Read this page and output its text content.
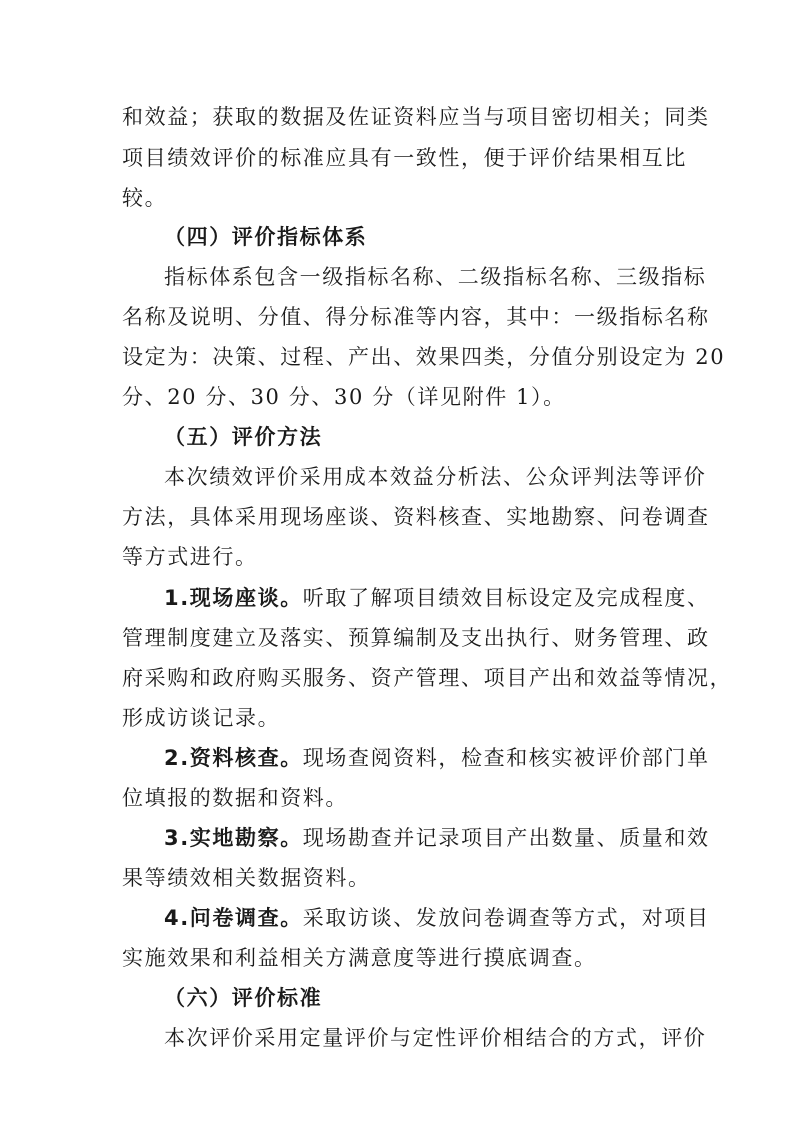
和效益；获取的数据及佐证资料应当与项目密切相关；同类
项目绩效评价的标准应具有一致性，便于评价结果相互比
较。
（四）评价指标体系
指标体系包含一级指标名称、二级指标名称、三级指标
名称及说明、分值、得分标准等内容，其中：一级指标名称
设定为：决策、过程、产出、效果四类，分值分别设定为 20
分、20 分、30 分、30 分（详见附件 1）。
（五）评价方法
本次绩效评价采用成本效益分析法、公众评判法等评价
方法，具体采用现场座谈、资料核查、实地勘察、问卷调查
等方式进行。
1.现场座谈。听取了解项目绩效目标设定及完成程度、
管理制度建立及落实、预算编制及支出执行、财务管理、政
府采购和政府购买服务、资产管理、项目产出和效益等情况，
形成访谈记录。
2.资料核查。现场查阅资料，检查和核实被评价部门单
位填报的数据和资料。
3.实地勘察。现场勘查并记录项目产出数量、质量和效
果等绩效相关数据资料。
4.问卷调查。采取访谈、发放问卷调查等方式，对项目
实施效果和利益相关方满意度等进行摸底调查。
（六）评价标准
本次评价采用定量评价与定性评价相结合的方式，评价
